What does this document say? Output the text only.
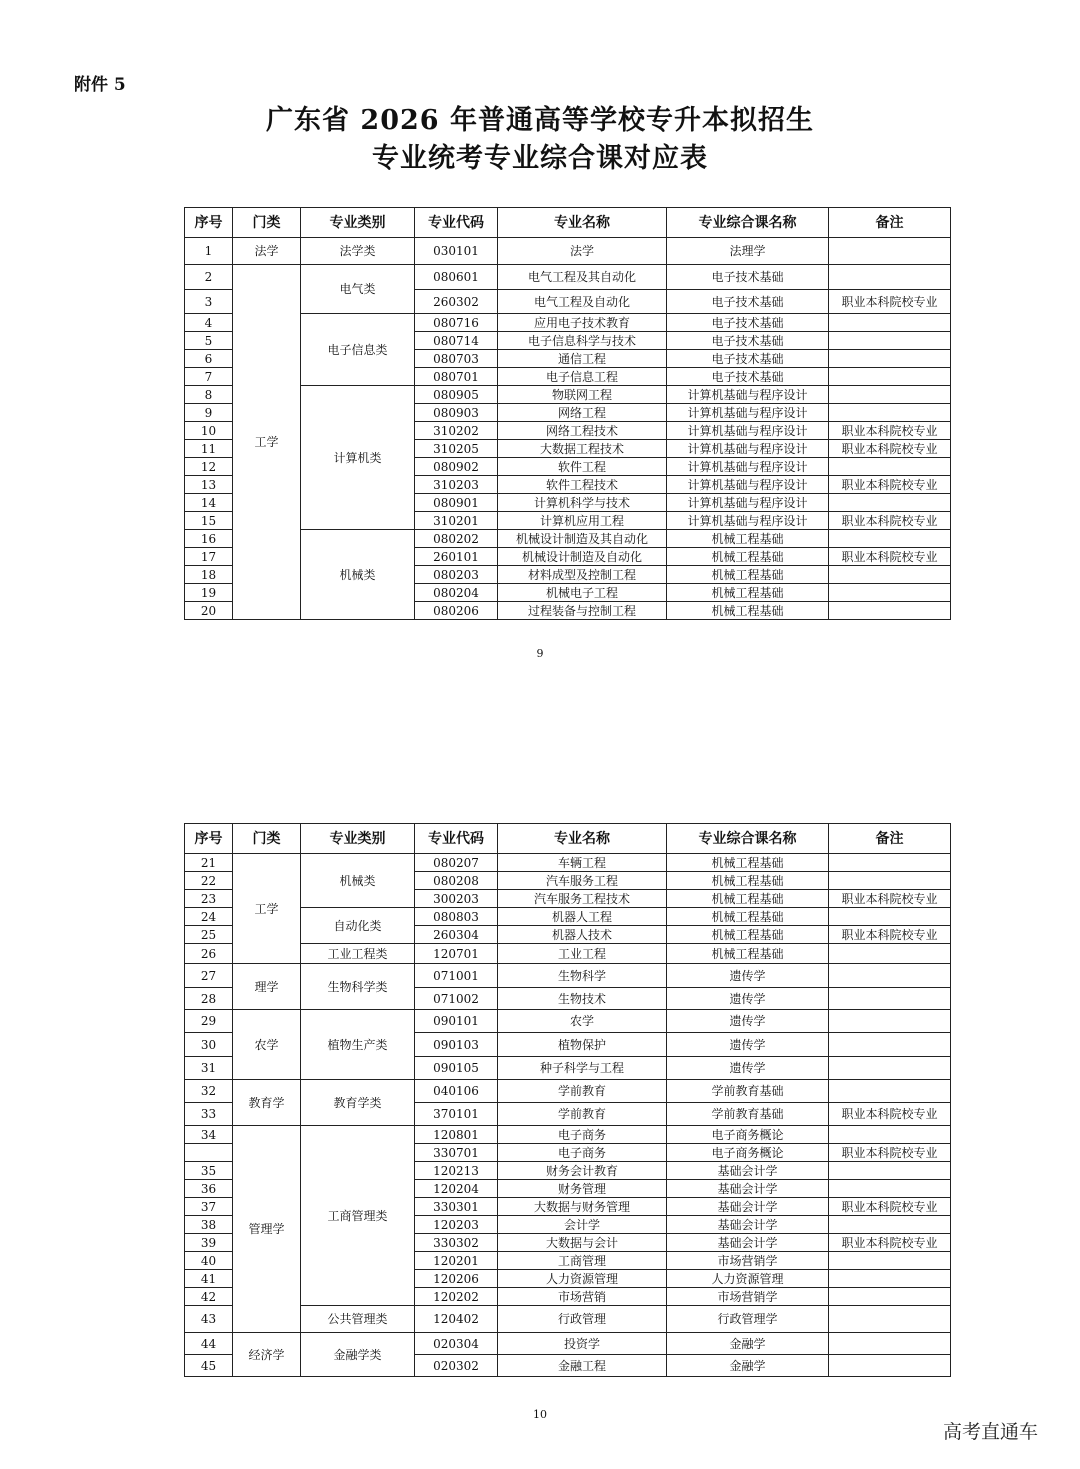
附件 5
广东省 2026 年普通高等学校专升本拟招生
专业统考专业综合课对应表
序号	门类	专业类别	专业代码	专业名称	专业综合课名称	备注
1	法学	法学类	030101	法学	法理学	
2	工学	电气类	080601	电气工程及其自动化	电子技术基础	
3			260302	电气工程及自动化	电子技术基础	职业本科院校专业
4		电子信息类	080716	应用电子技术教育	电子技术基础	
5			080714	电子信息科学与技术	电子技术基础	
6			080703	通信工程	电子技术基础	
7			080701	电子信息工程	电子技术基础	
8		计算机类	080905	物联网工程	计算机基础与程序设计	
9			080903	网络工程	计算机基础与程序设计	
10			310202	网络工程技术	计算机基础与程序设计	职业本科院校专业
11			310205	大数据工程技术	计算机基础与程序设计	职业本科院校专业
12			080902	软件工程	计算机基础与程序设计	
13			310203	软件工程技术	计算机基础与程序设计	职业本科院校专业
14			080901	计算机科学与技术	计算机基础与程序设计	
15			310201	计算机应用工程	计算机基础与程序设计	职业本科院校专业
16		机械类	080202	机械设计制造及其自动化	机械工程基础	
17			260101	机械设计制造及自动化	机械工程基础	职业本科院校专业
18			080203	材料成型及控制工程	机械工程基础	
19			080204	机械电子工程	机械工程基础	
20			080206	过程装备与控制工程	机械工程基础	
9
序号	门类	专业类别	专业代码	专业名称	专业综合课名称	备注
21	工学	机械类	080207	车辆工程	机械工程基础	
22			080208	汽车服务工程	机械工程基础	
23			300203	汽车服务工程技术	机械工程基础	职业本科院校专业
24		自动化类	080803	机器人工程	机械工程基础	
25			260304	机器人技术	机械工程基础	职业本科院校专业
26		工业工程类	120701	工业工程	机械工程基础	
27	理学	生物科学类	071001	生物科学	遗传学	
28			071002	生物技术	遗传学	
29	农学	植物生产类	090101	农学	遗传学	
30			090103	植物保护	遗传学	
31			090105	种子科学与工程	遗传学	
32	教育学	教育学类	040106	学前教育	学前教育基础	
33			370101	学前教育	学前教育基础	职业本科院校专业
34	管理学	工商管理类	120801	电子商务	电子商务概论	
			330701	电子商务	电子商务概论	职业本科院校专业
35			120213	财务会计教育	基础会计学	
36			120204	财务管理	基础会计学	
37			330301	大数据与财务管理	基础会计学	职业本科院校专业
38			120203	会计学	基础会计学	
39			330302	大数据与会计	基础会计学	职业本科院校专业
40			120201	工商管理	市场营销学	
41			120206	人力资源管理	人力资源管理	
42			120202	市场营销	市场营销学	
43		公共管理类	120402	行政管理	行政管理学	
44	经济学	金融学类	020304	投资学	金融学	
45			020302	金融工程	金融学	
10
高考直通车
